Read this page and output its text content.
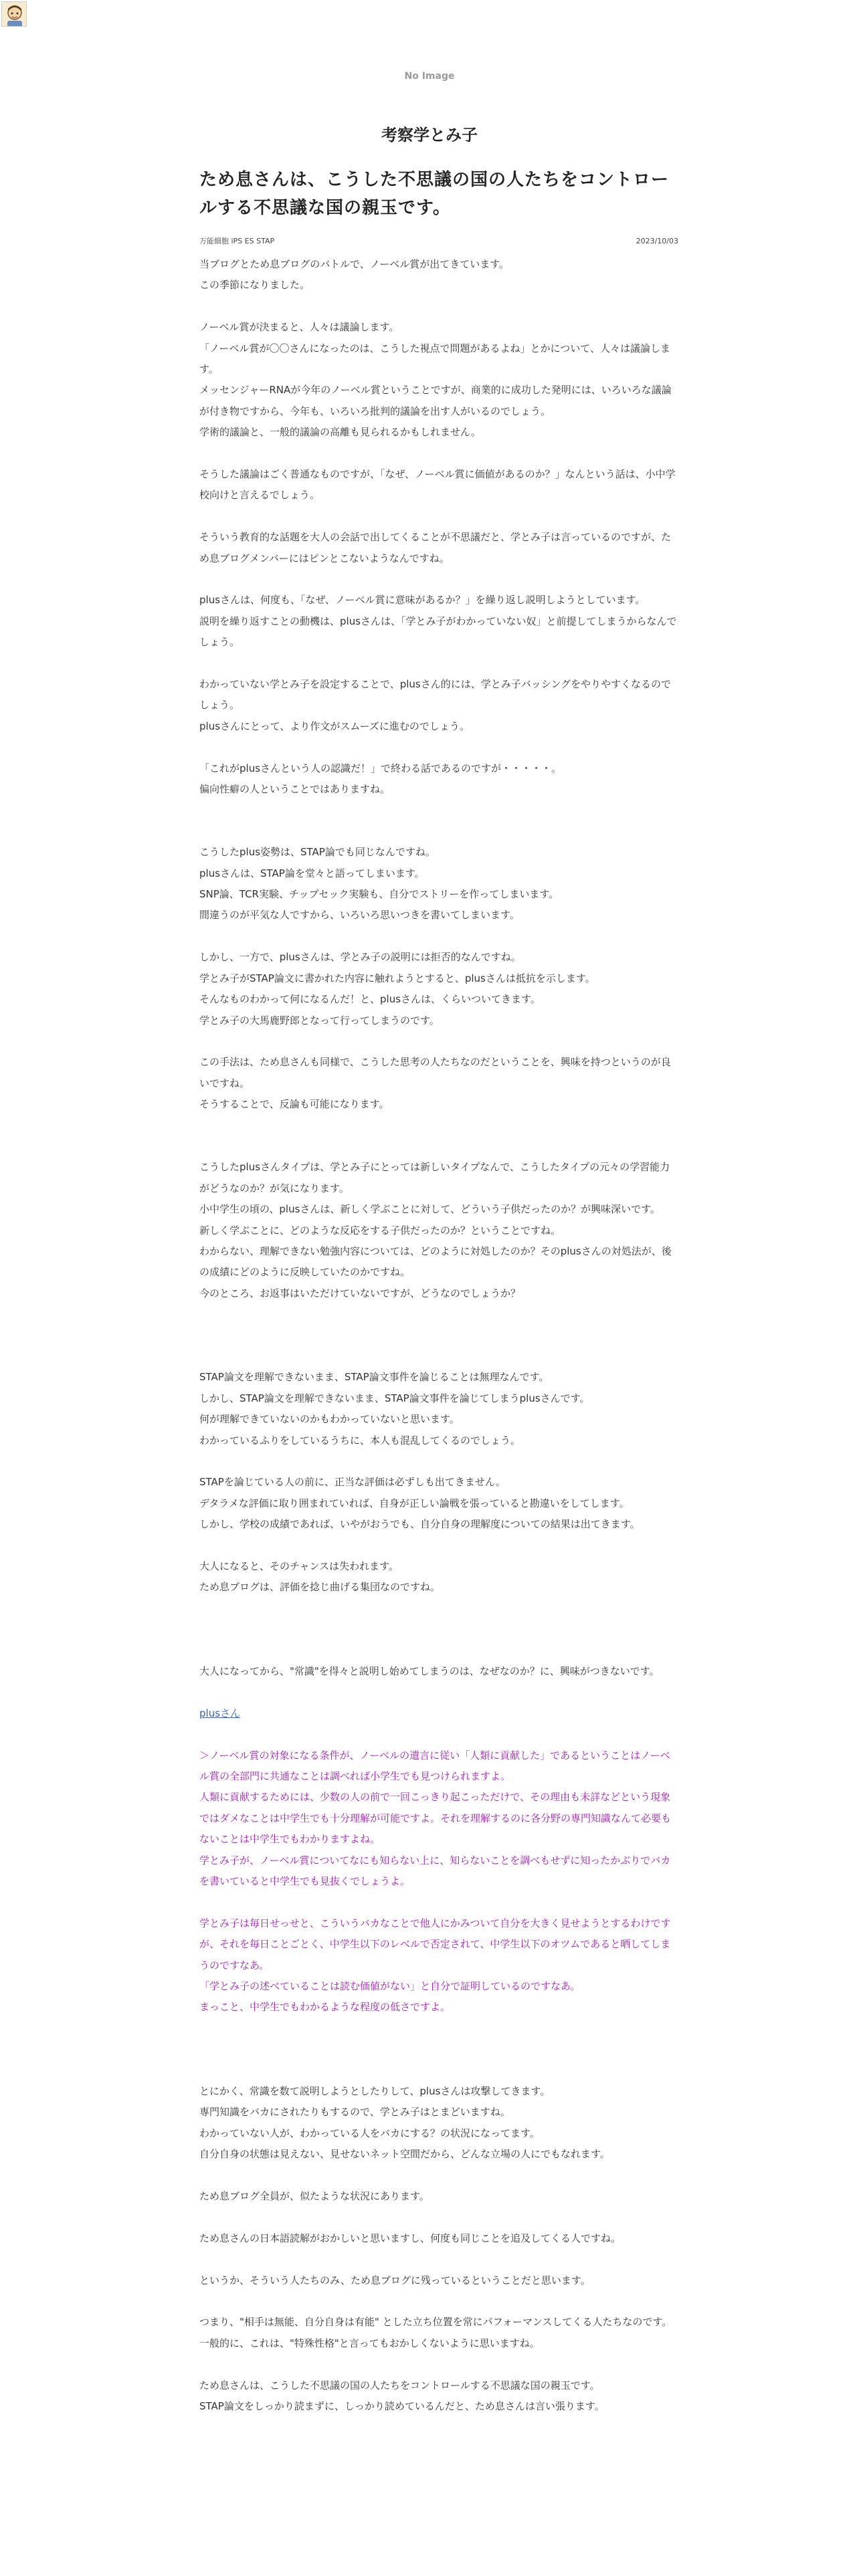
No Image
考察学とみ子
ため息さんは、こうした不思議の国の人たちをコントロールする不思議な国の親玉です。
万能細胞 iPS ES STAP	2023/10/03

当ブログとため息ブログのバトルで、ノーベル賞が出てきています。
この季節になりました。

ノーベル賞が決まると、人々は議論します。
「ノーベル賞が〇〇さんになったのは、こうした視点で問題があるよね」とかについて、人々は議論します。
メッセンジャーRNAが今年のノーベル賞ということですが、商業的に成功した発明には、いろいろな議論が付き物ですから、今年も、いろいろ批判的議論を出す人がいるのでしょう。
学術的議論と、一般的議論の高離も見られるかもしれません。

そうした議論はごく普通なものですが、「なぜ、ノーベル賞に価値があるのか？」なんという話は、小中学校向けと言えるでしょう。

そういう教育的な話題を大人の会話で出してくることが不思議だと、学とみ子は言っているのですが、ため息ブログメンバーにはピンとこないようなんですね。

plusさんは、何度も、「なぜ、ノーベル賞に意味があるか？」を繰り返し説明しようとしています。
説明を繰り返すことの動機は、plusさんは、「学とみ子がわかっていない奴」と前提してしまうからなんでしょう。

わかっていない学とみ子を設定することで、plusさん的には、学とみ子バッシングをやりやすくなるのでしょう。
plusさんにとって、より作文がスムーズに進むのでしょう。

「これがplusさんという人の認識だ！」で終わる話であるのですが・・・・・。
偏向性癖の人ということではありますね。

こうしたplus姿勢は、STAP論でも同じなんですね。
plusさんは、STAP論を堂々と語ってしまいます。
SNP論、TCR実験、チップセック実験も、自分でストリーを作ってしまいます。
間違うのが平気な人ですから、いろいろ思いつきを書いてしまいます。

しかし、一方で、plusさんは、学とみ子の説明には拒否的なんですね。
学とみ子がSTAP論文に書かれた内容に触れようとすると、plusさんは抵抗を示します。
そんなものわかって何になるんだ！と、plusさんは、くらいついてきます。
学とみ子の大馬鹿野郎となって行ってしまうのです。

この手法は、ため息さんも同様で、こうした思考の人たちなのだということを、興味を持つというのが良いですね。
そうすることで、反論も可能になります。

こうしたplusさんタイプは、学とみ子にとっては新しいタイプなんで、こうしたタイプの元々の学習能力がどうなのか？が気になります。
小中学生の頃の、plusさんは、新しく学ぶことに対して、どういう子供だったのか？が興味深いです。
新しく学ぶことに、どのような反応をする子供だったのか？ということですね。
わからない、理解できない勉強内容については、どのように対処したのか？そのplusさんの対処法が、後の成績にどのように反映していたのかですね。
今のところ、お返事はいただけていないですが、どうなのでしょうか？

STAP論文を理解できないまま、STAP論文事件を論じることは無理なんです。
しかし、STAP論文を理解できないまま、STAP論文事件を論じてしまうplusさんです。
何が理解できていないのかもわかっていないと思います。
わかっているふりをしているうちに、本人も混乱してくるのでしょう。

STAPを論じている人の前に、正当な評価は必ずしも出てきません。
デタラメな評価に取り囲まれていれば、自身が正しい論戦を張っていると勘違いをしてします。
しかし、学校の成績であれば、いやがおうでも、自分自身の理解度についての結果は出てきます。

大人になると、そのチャンスは失われます。
ため息ブログは、評価を捻じ曲げる集団なのですね。

大人になってから、"常識"を得々と説明し始めてしまうのは、なぜなのか？に、興味がつきないです。

plusさん

＞ノーベル賞の対象になる条件が、ノーベルの遺言に従い「人類に貢献した」であるということはノーベル賞の全部門に共通なことは調べれば小学生でも見つけられますよ。
人類に貢献するためには、少数の人の前で一回こっきり起こっただけで、その理由も未詳などという現象ではダメなことは中学生でも十分理解が可能ですよ。それを理解するのに各分野の専門知識なんて必要もないことは中学生でもわかりますよね。
学とみ子が、ノーベル賞についてなにも知らない上に、知らないことを調べもせずに知ったかぶりでバカを書いていると中学生でも見抜くでしょうよ。

学とみ子は毎日せっせと、こういうバカなことで他人にかみついて自分を大きく見せようとするわけですが、それを毎日ことごとく、中学生以下のレベルで否定されて、中学生以下のオツムであると晒してしまうのですなあ。
「学とみ子の述べていることは読む価値がない」と自分で証明しているのですなあ。
まっこと、中学生でもわかるような程度の低さですよ。

とにかく、常識を数て説明しようとしたりして、plusさんは攻撃してきます。
専門知識をバカにされたりもするので、学とみ子はとまどいますね。
わかっていない人が、わかっている人をバカにする？の状況になってます。
自分自身の状態は見えない、見せないネット空間だから、どんな立場の人にでもなれます。

ため息ブログ全員が、似たような状況にあります。

ため息さんの日本語読解がおかしいと思いますし、何度も同じことを追及してくる人ですね。

というか、そういう人たちのみ、ため息ブログに残っているということだと思います。

つまり、"相手は無能、自分自身は有能" とした立ち位置を常にパフォーマンスしてくる人たちなのです。
一般的に、これは、"特殊性格"と言ってもおかしくないように思いますね。

ため息さんは、こうした不思議の国の人たちをコントロールする不思議な国の親玉です。
STAP論文をしっかり読まずに、しっかり読めているんだと、ため息さんは言い張ります。
